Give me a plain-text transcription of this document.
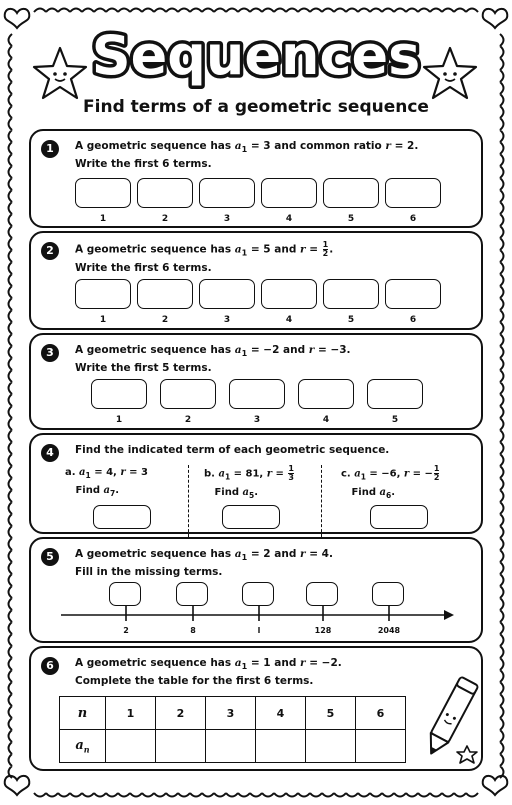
Sequences
Find terms of a geometric sequence
1	A geometric sequence has $a_1 = 3$ and common ratio r = 2.
Write the first 6 terms.
1	2	3	4	5	6
2	A geometric sequence has $a_1 = 5$ and $r = \frac{1}{2}$ .
Write the first 6 terms.
1	2	3	4	5	6
3	A geometric sequence has $a_1 = -2$ and r = −3.
Write the first 5 terms.
1	2	3	4	5
4	Find the indicated term of each geometric sequence.
a. $a_1 = 4$, r = 3
Find $a_7$.
b. $a_1 = 81$, $r = \frac{1}{3}$

Find $a_5$.
c. $a_1 = -6$, r = − $\frac{1}{2}$

Find $a_6$.
5	A geometric sequence has $a_1 = 2$ and r = 4.
Fill in the missing terms.
2	8	l	128	2048
6	A geometric sequence has $a_1 = 1$ and r = −2.
Complete the table for the first 6 terms.
n	1	2	3	4	5	6
$a_n$						
